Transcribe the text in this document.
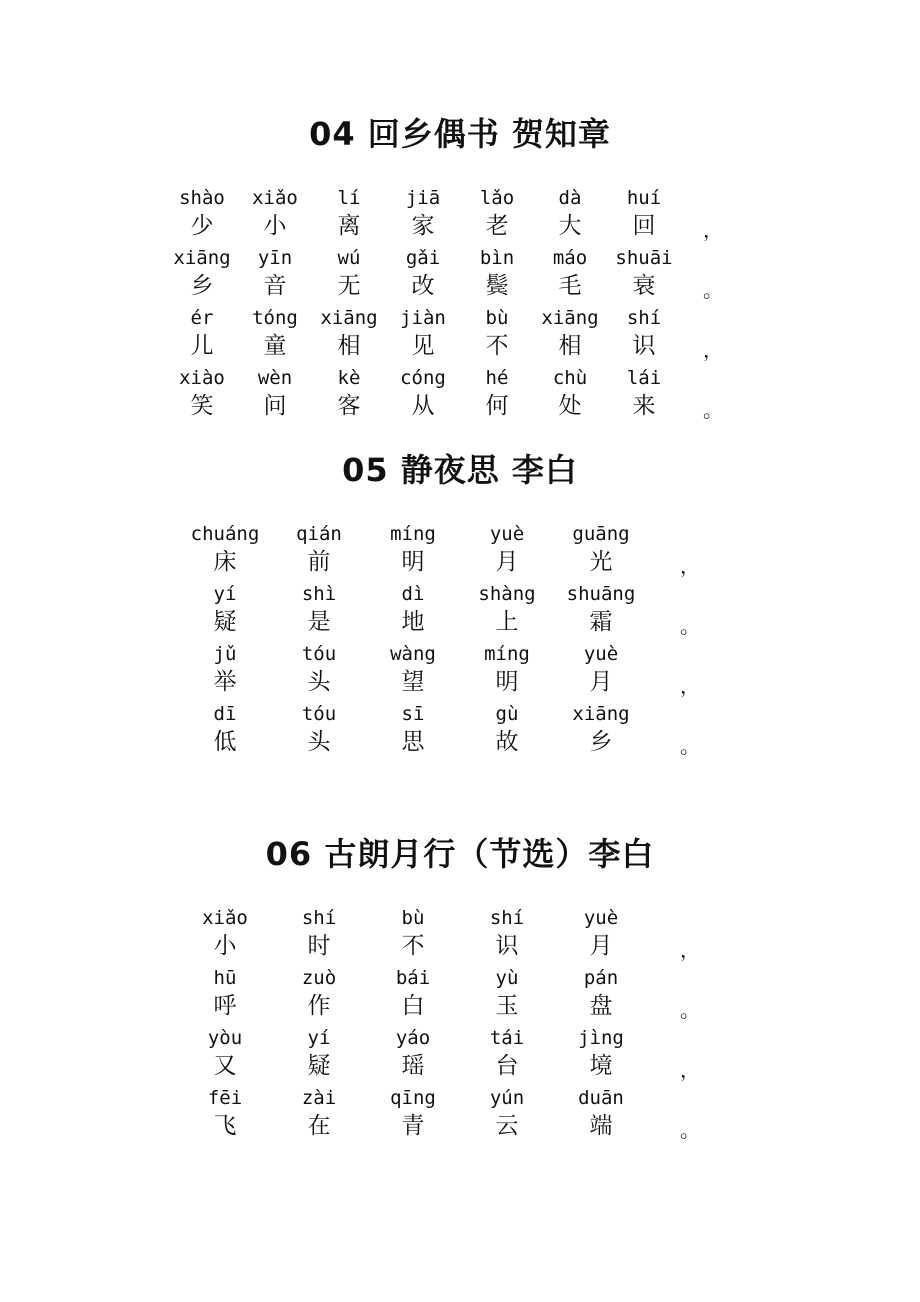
04 回乡偶书 贺知章
shào	xiǎo	lí	jiā	lǎo	dà	huí
少	小	离	家	老	大	回	，
xiāng	yīn	wú	gǎi	bìn	máo	shuāi
乡	音	无	改	鬓	毛	衰	。
ér	tóng	xiāng	jiàn	bù	xiāng	shí
儿	童	相	见	不	相	识	，
xiào	wèn	kè	cóng	hé	chù	lái
笑	问	客	从	何	处	来	。
05 静夜思 李白
chuáng	qián	míng	yuè	guāng
床	前	明	月	光	，
yí	shì	dì	shàng	shuāng
疑	是	地	上	霜	。
jǔ	tóu	wàng	míng	yuè
举	头	望	明	月	，
dī	tóu	sī	gù	xiāng
低	头	思	故	乡	。
06 古朗月行（节选）李白
xiǎo	shí	bù	shí	yuè
小	时	不	识	月	，
hū	zuò	bái	yù	pán
呼	作	白	玉	盘	。
yòu	yí	yáo	tái	jìng
又	疑	瑶	台	境	，
fēi	zài	qīng	yún	duān
飞	在	青	云	端	。
